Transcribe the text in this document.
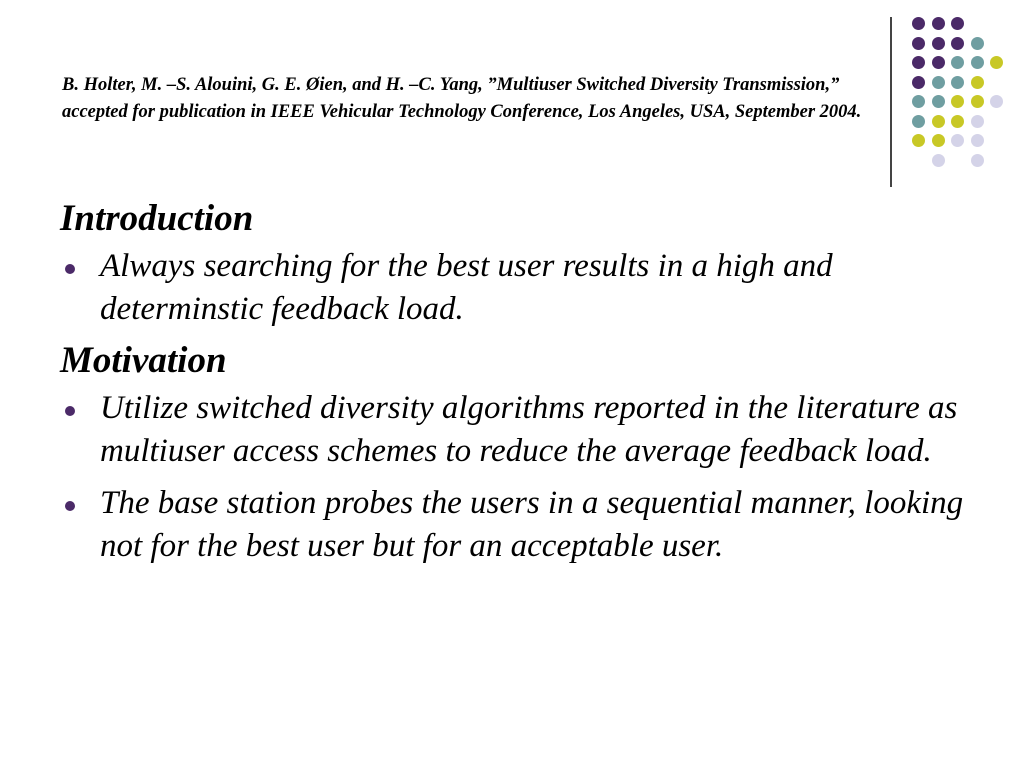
B. Holter, M. –S. Alouini, G. E. Øien, and H. –C. Yang, ”Multiuser Switched Diversity Transmission,” accepted for publication in IEEE Vehicular Technology Conference, Los Angeles, USA, September 2004.
Introduction
Always searching for the best user results in a high and determinstic feedback load.
Motivation
Utilize switched diversity algorithms reported in the literature as multiuser access schemes to reduce the average feedback load.
The base station probes the users in a sequential manner, looking not for the best user but for an acceptable user.
